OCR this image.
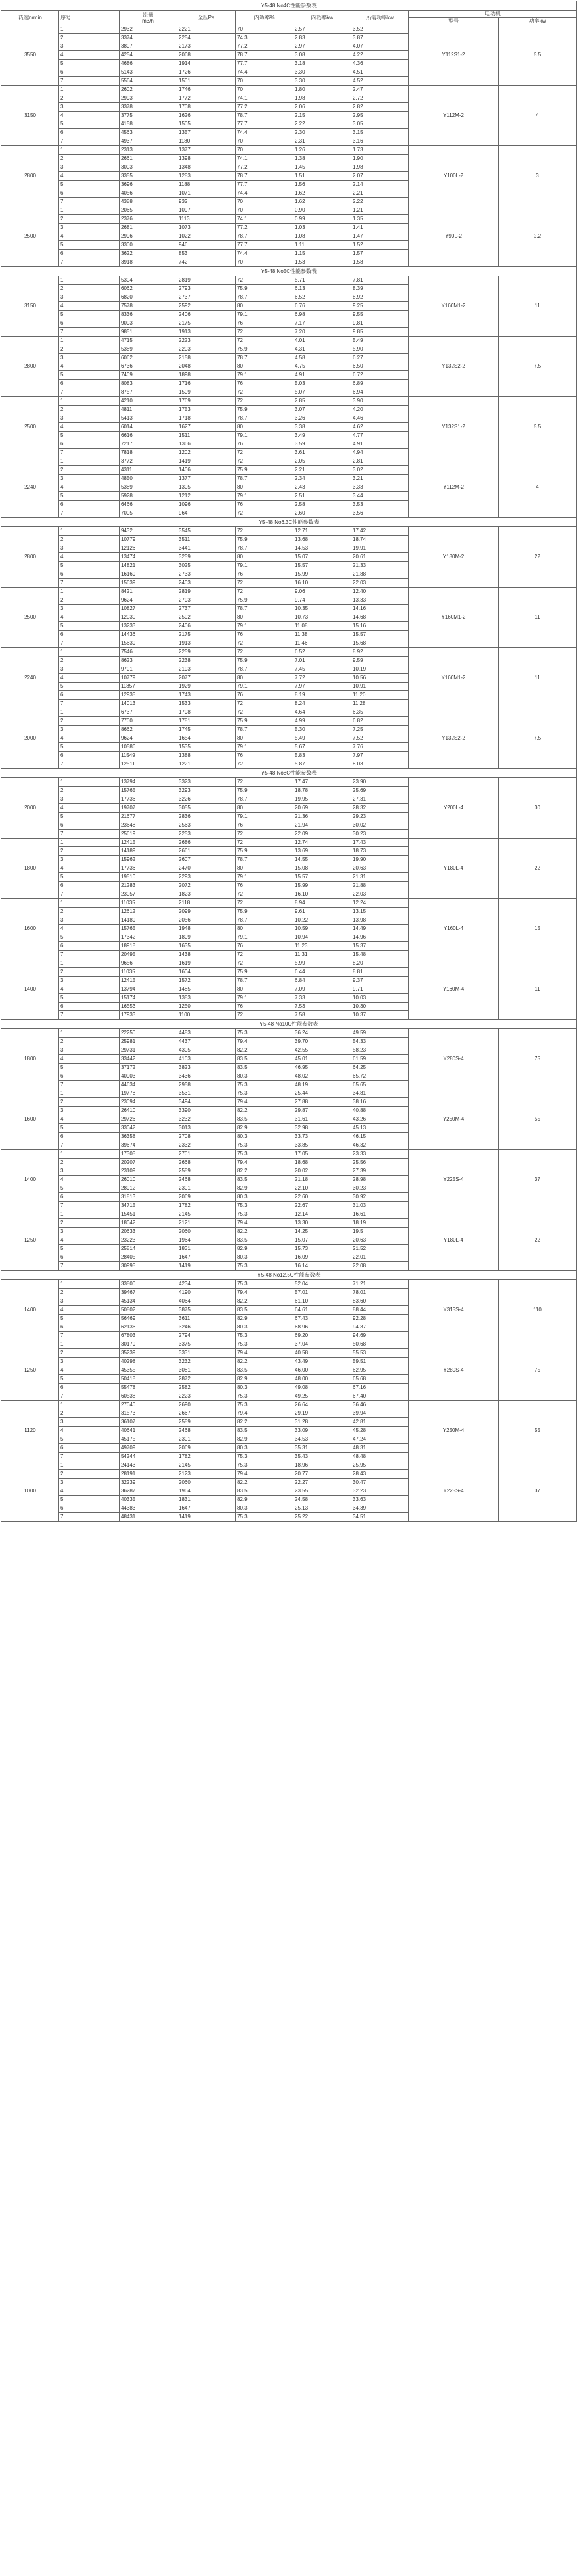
Y5-48 No4C性能参数表								
转速n/min	序号	流量
m3/h	全压Pa	内效率%	内功率kw	所需功率kw	电动机	
							型号	功率kw
3550	1	2932	2221	70	2.57	3.52	Y112S1-2	5.5
	2	3374	2254	74.3	2.83	3.87		
	3	3807	2173	77.2	2.97	4.07		
	4	4254	2068	78.7	3.08	4.22		
	5	4686	1914	77.7	3.18	4.36		
	6	5143	1726	74.4	3.30	4.51		
	7	5564	1501	70	3.30	4.52		
3150	1	2602	1746	70	1.80	2.47	Y112M-2	4
	2	2993	1772	74.1	1.98	2.72		
	3	3378	1708	77.2	2.06	2.82		
	4	3775	1626	78.7	2.15	2.95		
	5	4158	1505	77.7	2.22	3.05		
	6	4563	1357	74.4	2.30	3.15		
	7	4937	1180	70	2.31	3.16		
2800	1	2313	1377	70	1.26	1.73	Y100L-2	3
	2	2661	1398	74.1	1.38	1.90		
	3	3003	1348	77.2	1.45	1.98		
	4	3355	1283	78.7	1.51	2.07		
	5	3696	1188	77.7	1.56	2.14		
	6	4056	1071	74.4	1.62	2.21		
	7	4388	932	70	1.62	2.22		
2500	1	2065	1097	70	0.90	1.21	Y90L-2	2.2
	2	2376	1113	74.1	0.99	1.35		
	3	2681	1073	77.2	1.03	1.41		
	4	2996	1022	78.7	1.08	1.47		
	5	3300	946	77.7	1.11	1.52		
	6	3622	853	74.4	1.15	1.57		
	7	3918	742	70	1.53	1.58		
Y5-48 No5C性能参数表								
3150	1	5304	2819	72	5.71	7.81	Y160M1-2	11
	2	6062	2793	75.9	6.13	8.39		
	3	6820	2737	78.7	6.52	8.92		
	4	7578	2592	80	6.76	9.25		
	5	8336	2406	79.1	6.98	9.55		
	6	9093	2175	76	7.17	9.81		
	7	9851	1913	72	7.20	9.85		
2800	1	4715	2223	72	4.01	5.49	Y132S2-2	7.5
	2	5389	2203	75.9	4.31	5.90		
	3	6062	2158	78.7	4.58	6.27		
	4	6736	2048	80	4.75	6.50		
	5	7409	1898	79.1	4.91	6.72		
	6	8083	1716	76	5.03	6.89		
	7	8757	1509	72	5.07	6.94		
2500	1	4210	1769	72	2.85	3.90	Y132S1-2	5.5
	2	4811	1753	75.9	3.07	4.20		
	3	5413	1718	78.7	3.26	4.46		
	4	6014	1627	80	3.38	4.62		
	5	6616	1511	79.1	3.49	4.77		
	6	7217	1366	76	3.59	4.91		
	7	7818	1202	72	3.61	4.94		
2240	1	3772	1419	72	2.05	2.81	Y112M-2	4
	2	4311	1406	75.9	2.21	3.02		
	3	4850	1377	78.7	2.34	3.21		
	4	5389	1305	80	2.43	3.33		
	5	5928	1212	79.1	2.51	3.44		
	6	6466	1096	76	2.58	3.53		
	7	7005	964	72	2.60	3.56		
Y5-48 No6.3C性能参数表								
2800	1	9432	3545	72	12.71	17.42	Y180M-2	22
	2	10779	3511	75.9	13.68	18.74		
	3	12126	3441	78.7	14.53	19.91		
	4	13474	3259	80	15.07	20.61		
	5	14821	3025	79.1	15.57	21.33		
	6	16169	2733	76	15.99	21.88		
	7	15639	2403	72	16.10	22.03		
2500	1	8421	2819	72	9.06	12.40	Y160M1-2	11
	2	9624	2793	75.9	9.74	13.33		
	3	10827	2737	78.7	10.35	14.16		
	4	12030	2592	80	10.73	14.68		
	5	13233	2406	79.1	11.08	15.16		
	6	14436	2175	76	11.38	15.57		
	7	15639	1913	72	11.46	15.68		
2240	1	7546	2259	72	6.52	8.92	Y160M1-2	11
	2	8623	2238	75.9	7.01	9.59		
	3	9701	2193	78.7	7.45	10.19		
	4	10779	2077	80	7.72	10.56		
	5	11857	1929	79.1	7.97	10.91		
	6	12935	1743	76	8.19	11.20		
	7	14013	1533	72	8.24	11.28		
2000	1	6737	1798	72	4.64	6.35	Y132S2-2	7.5
	2	7700	1781	75.9	4.99	6.82		
	3	8662	1745	78.7	5.30	7.25		
	4	9624	1654	80	5.49	7.52		
	5	10586	1535	79.1	5.67	7.76		
	6	11549	1388	76	5.83	7.97		
	7	12511	1221	72	5.87	8.03		
Y5-48 No8C性能参数表								
2000	1	13794	3323	72	17.47	23.90	Y200L-4	30
	2	15765	3293	75.9	18.78	25.69		
	3	17736	3226	78.7	19.95	27.31		
	4	19707	3055	80	20.69	28.32		
	5	21677	2836	79.1	21.36	29.23		
	6	23648	2563	76	21.94	30.02		
	7	25619	2253	72	22.09	30.23		
1800	1	12415	2686	72	12.74	17.43	Y180L-4	22
	2	14189	2661	75.9	13.69	18.73		
	3	15962	2607	78.7	14.55	19.90		
	4	17736	2470	80	15.08	20.63		
	5	19510	2293	79.1	15.57	21.31		
	6	21283	2072	76	15.99	21.88		
	7	23057	1823	72	16.10	22.03		
1600	1	11035	2118	72	8.94	12.24	Y160L-4	15
	2	12612	2099	75.9	9.61	13.15		
	3	14189	2056	78.7	10.22	13.98		
	4	15765	1948	80	10.59	14.49		
	5	17342	1809	79.1	10.94	14.96		
	6	18918	1635	76	11.23	15.37		
	7	20495	1438	72	11.31	15.48		
1400	1	9656	1619	72	5.99	8.20	Y160M-4	11
	2	11035	1604	75.9	6.44	8.81		
	3	12415	1572	78.7	6.84	9.37		
	4	13794	1485	80	7.09	9.71		
	5	15174	1383	79.1	7.33	10.03		
	6	16553	1250	76	7.53	10.30		
	7	17933	1100	72	7.58	10.37		
Y5-48 No10C性能参数表								
1800	1	22250	4483	75.3	36.24	49.59	Y280S-4	75
	2	25981	4437	79.4	39.70	54.33		
	3	29731	4305	82.2	42.55	58.23		
	4	33442	4103	83.5	45.01	61.59		
	5	37172	3823	83.5	46.95	64.25		
	6	40903	3436	80.3	48.02	65.72		
	7	44634	2958	75.3	48.19	65.65		
1600	1	19778	3531	75.3	25.44	34.81	Y250M-4	55
	2	23094	3494	79.4	27.88	38.16		
	3	26410	3390	82.2	29.87	40.88		
	4	29726	3232	83.5	31.61	43.26		
	5	33042	3013	82.9	32.98	45.13		
	6	36358	2708	80.3	33.73	46.15		
	7	39674	2332	75.3	33.85	46.32		
1400	1	17305	2701	75.3	17.05	23.33	Y225S-4	37
	2	20207	2668	79.4	18.68	25.56		
	3	23109	2589	82.2	20.02	27.39		
	4	26010	2468	83.5	21.18	28.98		
	5	28912	2301	82.9	22.10	30.23		
	6	31813	2069	80.3	22.60	30.92		
	7	34715	1782	75.3	22.67	31.03		
1250	1	15451	2145	75.3	12.14	16.61	Y180L-4	22
	2	18042	2121	79.4	13.30	18.19		
	3	20633	2060	82.2	14.25	19.5		
	4	23223	1964	83.5	15.07	20.63		
	5	25814	1831	82.9	15.73	21.52		
	6	28405	1647	80.3	16.09	22.01		
	7	30995	1419	75.3	16.14	22.08		
Y5-48 No12.5C性能参数表								
1400	1	33800	4234	75.3	52.04	71.21	Y315S-4	110
	2	39467	4190	79.4	57.01	78.01		
	3	45134	4064	82.2	61.10	83.60		
	4	50802	3875	83.5	64.61	88.44		
	5	56469	3611	82.9	67.43	92.28		
	6	62136	3246	80.3	68.96	94.37		
	7	67803	2794	75.3	69.20	94.69		
1250	1	30179	3375	75.3	37.04	50.68	Y280S-4	75
	2	35239	3331	79.4	40.58	55.53		
	3	40298	3232	82.2	43.49	59.51		
	4	45355	3081	83.5	46.00	62.95		
	5	50418	2872	82.9	48.00	65.68		
	6	55478	2582	80.3	49.08	67.16		
	7	60538	2223	75.3	49.25	67.40		
1120	1	27040	2690	75.3	26.64	36.46	Y250M-4	55
	2	31573	2667	79.4	29.19	39.94		
	3	36107	2589	82.2	31.28	42.81		
	4	40641	2468	83.5	33.09	45.28		
	5	45175	2301	82.9	34.53	47.24		
	6	49709	2069	80.3	35.31	48.31		
	7	54244	1782	75.3	35.43	48.48		
1000	1	24143	2145	75.3	18.96	25.95	Y225S-4	37
	2	28191	2123	79.4	20.77	28.43		
	3	32239	2060	82.2	22.27	30.47		
	4	36287	1964	83.5	23.55	32.23		
	5	40335	1831	82.9	24.58	33.63		
	6	44383	1647	80.3	25.13	34.39		
	7	48431	1419	75.3	25.22	34.51		
